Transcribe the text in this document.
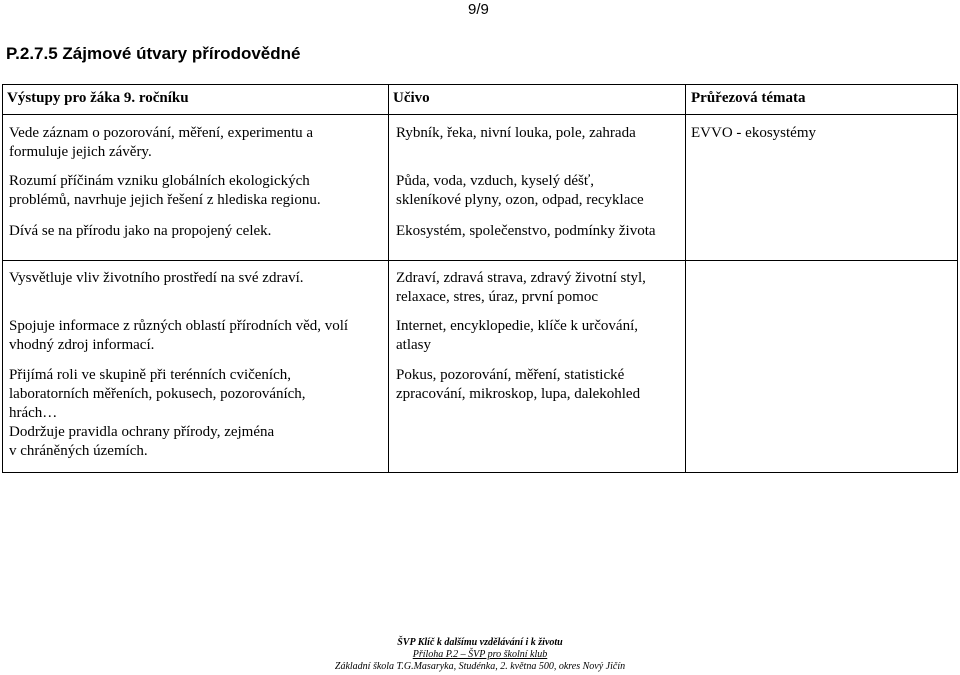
9/9
P.2.7.5 Zájmové útvary přírodovědné
Výstupy pro žáka 9. ročníku	Učivo	Průřezová témata
Vede záznam o pozorování, měření, experimentu a
formuluje jejich závěry.
Rozumí příčinám vzniku globálních ekologických
problémů, navrhuje jejich řešení z hlediska regionu.
Dívá se na přírodu jako na propojený celek.
Rybník, řeka, nivní louka, pole, zahrada
Půda, voda, vzduch, kyselý déšť,
skleníkové plyny, ozon, odpad, recyklace
Ekosystém, společenstvo, podmínky života
EVVO - ekosystémy
Vysvětluje vliv životního prostředí na své zdraví.
Spojuje informace z různých oblastí přírodních věd, volí
vhodný zdroj informací.
Přijímá roli ve skupině při terénních cvičeních,
laboratorních měřeních, pokusech, pozorováních,
hrách…
Dodržuje pravidla ochrany přírody, zejména
v chráněných územích.
Zdraví, zdravá strava, zdravý životní styl,
relaxace, stres, úraz, první pomoc
Internet, encyklopedie, klíče k určování,
atlasy
Pokus, pozorování, měření, statistické
zpracování, mikroskop, lupa, dalekohled
ŠVP Klíč k dalšímu vzdělávání i k životu
Příloha P.2 – ŠVP pro školní klub
Základní škola T.G.Masaryka, Studénka, 2. května 500, okres Nový Jičín
